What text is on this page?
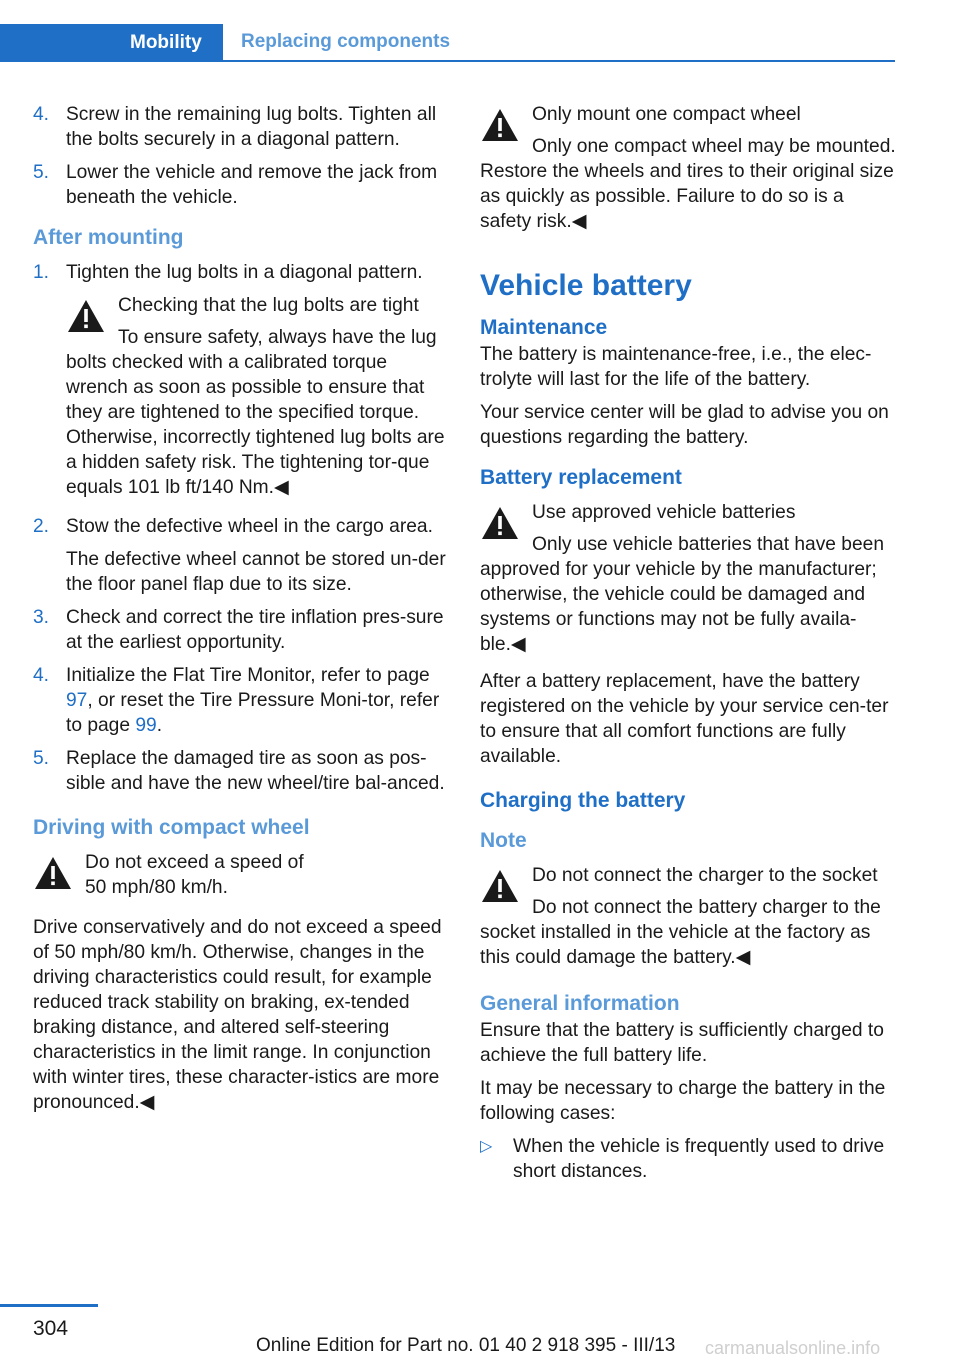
Mobility	Replacing components
4. Screw in the remaining lug bolts. Tighten all the bolts securely in a diagonal pattern.

5. Lower the vehicle and remove the jack from beneath the vehicle.

After mounting
1. Tighten the lug bolts in a diagonal pattern.

Checking that the lug bolts are tight

To ensure safety, always have the lug bolts checked with a calibrated torque wrench as soon as possible to ensure that they are tightened to the specified torque. Otherwise, incorrectly tightened lug bolts are a hidden safety risk. The tightening tor-que equals 101 lb ft/140 Nm.◀

2. Stow the defective wheel in the cargo area.

The defective wheel cannot be stored un-der the floor panel flap due to its size.

3. Check and correct the tire inflation pres-sure at the earliest opportunity.

4. Initialize the Flat Tire Monitor, refer to page 97, or reset the Tire Pressure Moni-tor, refer to page 99.

5. Replace the damaged tire as soon as pos-sible and have the new wheel/tire bal-anced.

Driving with compact wheel

Do not exceed a speed of 50 mph/80 km/h.

Drive conservatively and do not exceed a speed of 50 mph/80 km/h. Otherwise, changes in the driving characteristics could result, for example reduced track stability on braking, ex-tended braking distance, and altered self-steering characteristics in the limit range. In conjunction with winter tires, these character-istics are more pronounced.◀

Only mount one compact wheel

Only one compact wheel may be mounted. Restore the wheels and tires to their original size as quickly as possible. Failure to do so is a safety risk.◀

Vehicle battery
Maintenance

The battery is maintenance-free, i.e., the elec-trolyte will last for the life of the battery.

Your service center will be glad to advise you on questions regarding the battery.

Battery replacement

Use approved vehicle batteries

Only use vehicle batteries that have been approved for your vehicle by the manufacturer; otherwise, the vehicle could be damaged and systems or functions may not be fully availa-ble.◀

After a battery replacement, have the battery registered on the vehicle by your service cen-ter to ensure that all comfort functions are fully available.

Charging the battery
Note

Do not connect the charger to the socket

Do not connect the battery charger to the socket installed in the vehicle at the factory as this could damage the battery.◀

General information

Ensure that the battery is sufficiently charged to achieve the full battery life.

It may be necessary to charge the battery in the following cases:

▷ When the vehicle is frequently used to drive short distances.

304
Online Edition for Part no. 01 40 2 918 395 - III/13	carmanualsonline.info
